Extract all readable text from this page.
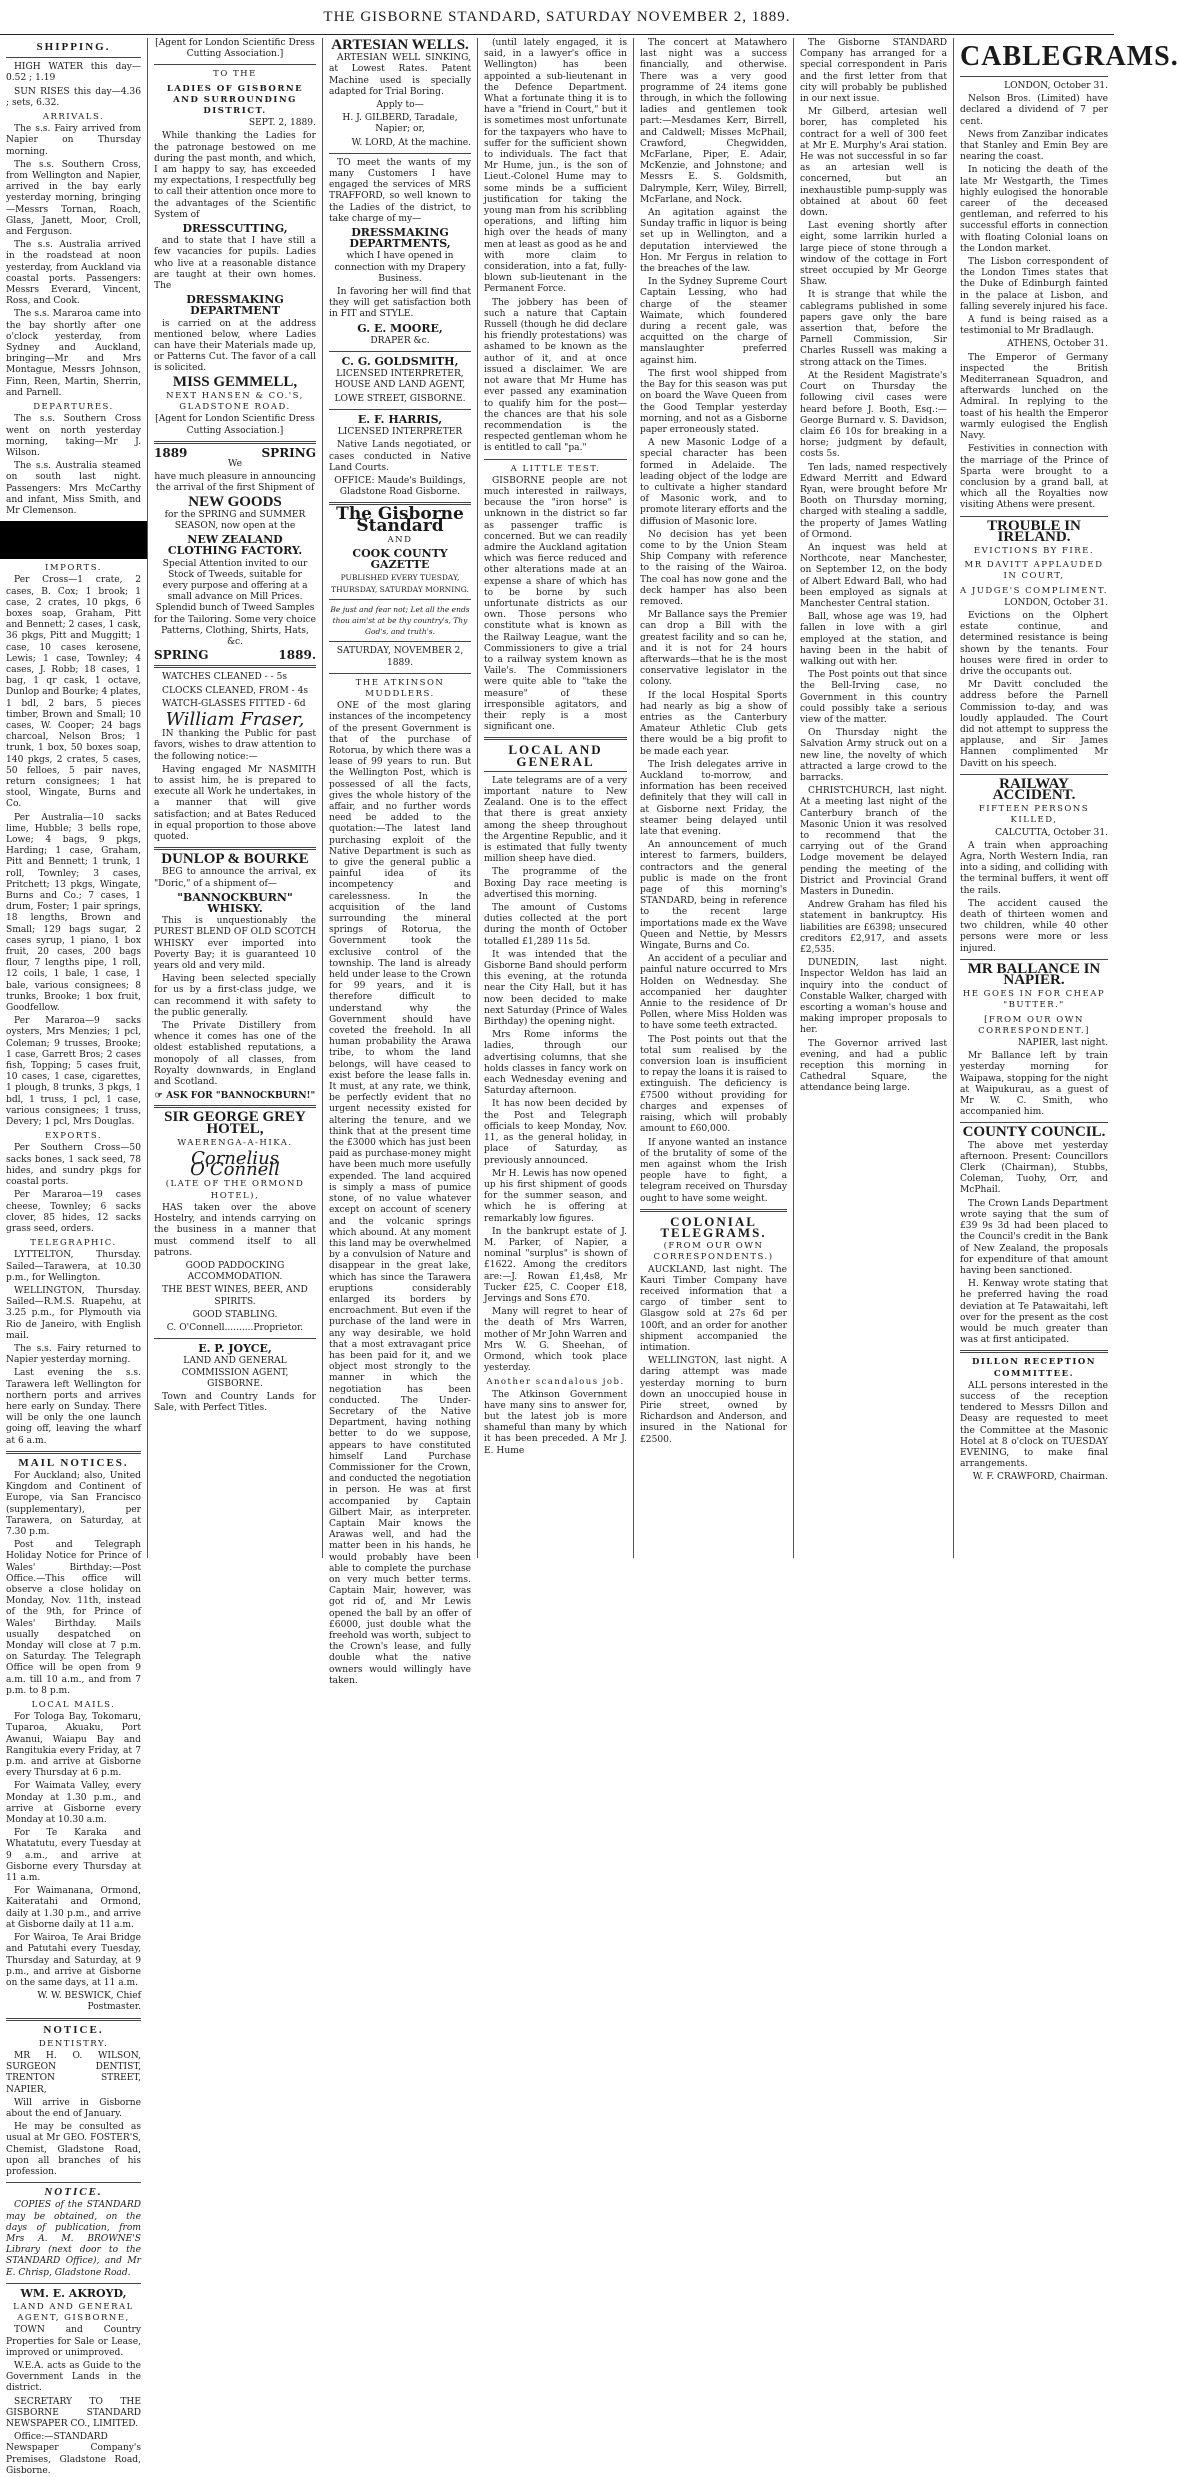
THE GISBORNE STANDARD, SATURDAY NOVEMBER 2, 1889.
SHIPPING.

HIGH WATER this day—0.52 ; 1.19

SUN RISES this day—4.36 ; sets, 6.32.

ARRIVALS.

The s.s. Fairy arrived from Napier on Thursday morning.

The s.s. Southern Cross, from Wellington and Napier, arrived in the bay early yesterday morning, bringing—Messrs Tornan, Roach, Glass, Janett, Moor, Croll, and Ferguson.

The s.s. Australia arrived in the roadstead at noon yesterday, from Auckland via coastal ports. Passengers: Messrs Everard, Vincent, Ross, and Cook.

The s.s. Mararoa came into the bay shortly after one o'clock yesterday, from Sydney and Auckland, bringing—Mr and Mrs Montague, Messrs Johnson, Finn, Reen, Martin, Sherrin, and Parnell.

DEPARTURES.

The s.s. Southern Cross went on north yesterday morning, taking—Mr J. Wilson.

The s.s. Australia steamed on south last night. Passengers: Mrs McCarthy and infant, Miss Smith, and Mr Clemenson.

IMPORTS.

Per Cross—1 crate, 2 cases, B. Cox; 1 brook; 1 case, 2 crates, 10 pkgs, 6 boxes soap, Graham, Pitt and Bennett; 2 cases, 1 cask, 36 pkgs, Pitt and Muggitt; 1 case, 10 cases kerosene, Lewis; 1 case, Townley; 4 cases, J. Robb; 18 cases, 1 bag, 1 qr cask, 1 octave, Dunlop and Bourke; 4 plates, 1 bdl, 2 bars, 5 pieces timber, Brown and Small; 10 cases, W. Cooper; 24 bags charcoal, Nelson Bros; 1 trunk, 1 box, 50 boxes soap, 140 pkgs, 2 crates, 5 cases, 50 felloes, 5 pair naves, return consignees; 1 hat stool, Wingate, Burns and Co.

Per Australia—10 sacks lime, Hubble; 3 bells rope, Lowe; 4 bags, 9 pkgs, Harding; 1 case, Graham, Pitt and Bennett; 1 trunk, 1 roll, Townley; 3 cases, Pritchett; 13 pkgs, Wingate, Burns and Co.; 7 cases, 1 drum, Foster; 1 pair springs, 18 lengths, Brown and Small; 129 bags sugar, 2 cases syrup, 1 piano, 1 box fruit, 20 cases, 200 bags flour, 7 lengths pipe, 1 roll, 12 coils, 1 bale, 1 case, 1 bale, various consignees; 8 trunks, Brooke; 1 box fruit, Goodfellow.

Per Mararoa—9 sacks oysters, Mrs Menzies; 1 pcl, Coleman; 9 trusses, Brooke; 1 case, Garrett Bros; 2 cases fish, Topping; 5 cases fruit, 10 cases, 1 case, cigarettes, 1 plough, 8 trunks, 3 pkgs, 1 bdl, 1 truss, 1 pcl, 1 case, various consignees; 1 truss, Devery; 1 pcl, Mrs Douglas.

EXPORTS.

Per Southern Cross—50 sacks bones, 1 sack seed, 78 hides, and sundry pkgs for coastal ports.

Per Mararoa—19 cases cheese, Townley; 6 sacks clover, 85 hides, 12 sacks grass seed, orders.

TELEGRAPHIC.

LYTTELTON, Thursday. Sailed—Tarawera, at 10.30 p.m., for Wellington.

WELLINGTON, Thursday. Sailed—R.M.S. Ruapehu, at 3.25 p.m., for Plymouth via Rio de Janeiro, with English mail.

The s.s. Fairy returned to Napier yesterday morning.

Last evening the s.s. Tarawera left Wellington for northern ports and arrives here early on Sunday. There will be only the one launch going off, leaving the wharf at 6 a.m.

MAIL NOTICES.

For Auckland; also, United Kingdom and Continent of Europe, via San Francisco (supplementary), per Tarawera, on Saturday, at 7.30 p.m.

Post and Telegraph Holiday Notice for Prince of Wales' Birthday:—Post Office.—This office will observe a close holiday on Monday, Nov. 11th, instead of the 9th, for Prince of Wales' Birthday. Mails usually despatched on Monday will close at 7 p.m. on Saturday. The Telegraph Office will be open from 9 a.m. till 10 a.m., and from 7 p.m. to 8 p.m.

LOCAL MAILS.

For Tologa Bay, Tokomaru, Tuparoa, Akuaku, Port Awanui, Waiapu Bay and Rangitukia every Friday, at 7 p.m. and arrive at Gisborne every Thursday at 6 p.m.

For Waimata Valley, every Monday at 1.30 p.m., and arrive at Gisborne every Monday at 10.30 a.m.

For Te Karaka and Whatatutu, every Tuesday at 9 a.m., and arrive at Gisborne every Thursday at 11 a.m.

For Waimanana, Ormond, Kaiteratahi and Ormond, daily at 1.30 p.m., and arrive at Gisborne daily at 11 a.m.

For Wairoa, Te Arai Bridge and Patutahi every Tuesday, Thursday and Saturday, at 9 p.m., and arrive at Gisborne on the same days, at 11 a.m.

W. W. BESWICK, Chief Postmaster.

NOTICE.
DENTISTRY.

MR H. O. WILSON, SURGEON DENTIST, TRENTON STREET, NAPIER,

Will arrive in Gisborne about the end of January.

He may be consulted as usual at Mr GEO. FOSTER'S, Chemist, Gladstone Road, upon all branches of his profession.

NOTICE.

COPIES of the STANDARD may be obtained, on the days of publication, from Mrs A. M. BROWNE'S Library (next door to the STANDARD Office), and Mr E. Chrisp, Gladstone Road.

WM. E. AKROYD,
LAND AND GENERAL AGENT, GISBORNE,

TOWN and Country Properties for Sale or Lease, improved or unimproved.

W.E.A. acts as Guide to the Government Lands in the district.

SECRETARY TO THE GISBORNE STANDARD NEWSPAPER CO., LIMITED.

Office:—STANDARD Newspaper Company's Premises, Gladstone Road, Gisborne.

[Agent for London Scientific Dress Cutting Association.]

TO THE
LADIES OF GISBORNE AND SURROUNDING DISTRICT.

SEPT. 2, 1889.

While thanking the Ladies for the patronage bestowed on me during the past month, and which, I am happy to say, has exceeded my expectations, I respectfully beg to call their attention once more to the advantages of the Scientific System of

DRESSCUTTING,

and to state that I have still a few vacancies for pupils. Ladies who live at a reasonable distance are taught at their own homes. The

DRESSMAKING DEPARTMENT

is carried on at the address mentioned below, where Ladies can have their Materials made up, or Patterns Cut. The favor of a call is solicited.

MISS GEMMELL,
NEXT HANSEN & CO.'S, GLADSTONE ROAD.

[Agent for London Scientific Dress Cutting Association.]

1889	SPRING

We

have much pleasure in announcing the arrival of the first Shipment of

NEW GOODS

for the SPRING and SUMMER SEASON, now open at the

NEW ZEALAND CLOTHING FACTORY.

Special Attention invited to our Stock of Tweeds, suitable for every purpose and offering at a small advance on Mill Prices. Splendid bunch of Tweed Samples for the Tailoring. Some very choice Patterns, Clothing, Shirts, Hats, &c.

SPRING	1889.

WATCHES CLEANED - - 5s

CLOCKS CLEANED, FROM - 4s

WATCH-GLASSES FITTED - 6d

William Fraser,

IN thanking the Public for past favors, wishes to draw attention to the following notice:—

Having engaged Mr NASMITH to assist him, he is prepared to execute all Work he undertakes, in a manner that will give satisfaction; and at Bates Reduced in equal proportion to those above quoted.

DUNLOP & BOURKE

BEG to announce the arrival, ex "Doric," of a shipment of—

"BANNOCKBURN" WHISKY.

This is unquestionably the PUREST BLEND OF OLD SCOTCH WHISKY ever imported into Poverty Bay; it is guaranteed 10 years old and very mild.

Having been selected specially for us by a first-class judge, we can recommend it with safety to the public generally.

The Private Distillery from whence it comes has one of the oldest established reputations, a monopoly of all classes, from Royalty downwards, in England and Scotland.

☞ ASK FOR "BANNOCKBURN!"

SIR GEORGE GREY HOTEL,
WAERENGA-A-HIKA.
Cornelius O'Connell
(LATE OF THE ORMOND HOTEL),

HAS taken over the above Hostelry, and intends carrying on the business in a manner that must commend itself to all patrons.

GOOD PADDOCKING ACCOMMODATION.

THE BEST WINES, BEER, AND SPIRITS.

GOOD STABLING.

C. O'Connell..........Proprietor.

E. P. JOYCE,

LAND AND GENERAL COMMISSION AGENT, GISBORNE.

Town and Country Lands for Sale, with Perfect Titles.

ARTESIAN WELLS.

ARTESIAN WELL SINKING, at Lowest Rates. Patent Machine used is specially adapted for Trial Boring.

Apply to—

H. J. GILBERD, Taradale, Napier; or,

W. LORD, At the machine.

TO meet the wants of my many Customers I have engaged the services of MRS TRAFFORD, so well known to the Ladies of the district, to take charge of my—

DRESSMAKING DEPARTMENTS,

which I have opened in connection with my Drapery Business.

In favoring her will find that they will get satisfaction both in FIT and STYLE.

G. E. MOORE,

DRAPER &c.

C. G. GOLDSMITH,

LICENSED INTERPRETER, HOUSE AND LAND AGENT,

LOWE STREET, GISBORNE.

E. F. HARRIS,

LICENSED INTERPRETER

Native Lands negotiated, or cases conducted in Native Land Courts.

OFFICE: Maude's Buildings, Gladstone Road Gisborne.

The Gisborne Standard
AND
COOK COUNTY GAZETTE

PUBLISHED EVERY TUESDAY, THURSDAY, SATURDAY MORNING.

Be just and fear not; Let all the ends thou aim'st at be thy country's, Thy God's, and truth's.

SATURDAY, NOVEMBER 2, 1889.

THE ATKINSON MUDDLERS.

ONE of the most glaring instances of the incompetency of the present Government is that of the purchase of Rotorua, by which there was a lease of 99 years to run. But the Wellington Post, which is possessed of all the facts, gives the whole history of the affair, and no further words need be added to the quotation:—The latest land purchasing exploit of the Native Department is such as to give the general public a painful idea of its incompetency and carelessness. In the acquisition of the land surrounding the mineral springs of Rotorua, the Government took the exclusive control of the township. The land is already held under lease to the Crown for 99 years, and it is therefore difficult to understand why the Government should have coveted the freehold. In all human probability the Arawa tribe, to whom the land belongs, will have ceased to exist before the lease falls in. It must, at any rate, we think, be perfectly evident that no urgent necessity existed for altering the tenure, and we think that at the present time the £3000 which has just been paid as purchase-money might have been much more usefully expended. The land acquired is simply a mass of pumice stone, of no value whatever except on account of scenery and the volcanic springs which abound. At any moment this land may be overwhelmed by a convulsion of Nature and disappear in the great lake, which has since the Tarawera eruptions considerably enlarged its borders by encroachment. But even if the purchase of the land were in any way desirable, we hold that a most extravagant price has been paid for it, and we object most strongly to the manner in which the negotiation has been conducted. The Under-Secretary of the Native Department, having nothing better to do we suppose, appears to have constituted himself Land Purchase Commissioner for the Crown, and conducted the negotiation in person. He was at first accompanied by Captain Gilbert Mair, as interpreter. Captain Mair knows the Arawas well, and had the matter been in his hands, he would probably have been able to complete the purchase on very much better terms. Captain Mair, however, was got rid of, and Mr Lewis opened the ball by an offer of £6000, just double what the freehold was worth, subject to the Crown's lease, and fully double what the native owners would willingly have taken.

(until lately engaged, it is said, in a lawyer's office in Wellington) has been appointed a sub-lieutenant in the Defence Department. What a fortunate thing it is to have a "friend in Court," but it is sometimes most unfortunate for the taxpayers who have to suffer for the sufficient shown to individuals. The fact that Mr Hume, jun., is the son of Lieut.-Colonel Hume may to some minds be a sufficient justification for taking the young man from his scribbling operations, and lifting him high over the heads of many men at least as good as he and with more claim to consideration, into a fat, fully-blown sub-lieutenant in the Permanent Force.

The jobbery has been of such a nature that Captain Russell (though he did declare his friendly protestations) was ashamed to be known as the author of it, and at once issued a disclaimer. We are not aware that Mr Hume has ever passed any examination to qualify him for the post—the chances are that his sole recommendation is the respected gentleman whom he is entitled to call "pa."

A LITTLE TEST.

GISBORNE people are not much interested in railways, because the "iron horse" is unknown in the district so far as passenger traffic is concerned. But we can readily admire the Auckland agitation which was fierce reduced and other alterations made at an expense a share of which has to be borne by such unfortunate districts as our own. Those persons who constitute what is known as the Railway League, want the Commissioners to give a trial to a railway system known as Vaile's. The Commissioners were quite able to "take the measure" of these irresponsible agitators, and their reply is a most significant one.

LOCAL AND GENERAL

Late telegrams are of a very important nature to New Zealand. One is to the effect that there is great anxiety among the sheep throughout the Argentine Republic, and it is estimated that fully twenty million sheep have died.

The programme of the Boxing Day race meeting is advertised this morning.

The amount of Customs duties collected at the port during the month of October totalled £1,289 11s 5d.

It was intended that the Gisborne Band should perform this evening, at the rotunda near the City Hall, but it has now been decided to make next Saturday (Prince of Wales Birthday) the opening night.

Mrs Rome informs the ladies, through our advertising columns, that she holds classes in fancy work on each Wednesday evening and Saturday afternoon.

It has now been decided by the Post and Telegraph officials to keep Monday, Nov. 11, as the general holiday, in place of Saturday, as previously announced.

Mr H. Lewis has now opened up his first shipment of goods for the summer season, and which he is offering at remarkably low figures.

In the bankrupt estate of J. M. Parker, of Napier, a nominal "surplus" is shown of £1622. Among the creditors are:—J. Rowan £1,4s8, Mr Tucker £25, C. Cooper £18, Jervings and Sons £70.

Many will regret to hear of the death of Mrs Warren, mother of Mr John Warren and Mrs W. G. Sheehan, of Ormond, which took place yesterday.

Another scandalous job.

The Atkinson Government have many sins to answer for, but the latest job is more shameful than many by which it has been preceded. A Mr J. E. Hume

The concert at Matawhero last night was a success financially, and otherwise. There was a very good programme of 24 items gone through, in which the following ladies and gentlemen took part:—Mesdames Kerr, Birrell, and Caldwell; Misses McPhail, Crawford, Chegwidden, McFarlane, Piper, E. Adair, McKenzie, and Johnstone; and Messrs E. S. Goldsmith, Dalrymple, Kerr, Wiley, Birrell, McFarlane, and Nock.

An agitation against the Sunday traffic in liquor is being set up in Wellington, and a deputation interviewed the Hon. Mr Fergus in relation to the breaches of the law.

In the Sydney Supreme Court Captain Lessing, who had charge of the steamer Waimate, which foundered during a recent gale, was acquitted on the charge of manslaughter preferred against him.

The first wool shipped from the Bay for this season was put on board the Wave Queen from the Good Templar yesterday morning, and not as a Gisborne paper erroneously stated.

A new Masonic Lodge of a special character has been formed in Adelaide. The leading object of the lodge are to cultivate a higher standard of Masonic work, and to promote literary efforts and the diffusion of Masonic lore.

No decision has yet been come to by the Union Steam Ship Company with reference to the raising of the Wairoa. The coal has now gone and the deck hamper has also been removed.

Mr Ballance says the Premier can drop a Bill with the greatest facility and so can he, and it is not for 24 hours afterwards—that he is the most conservative legislator in the colony.

If the local Hospital Sports had nearly as big a show of entries as the Canterbury Amateur Athletic Club gets there would be a big profit to be made each year.

The Irish delegates arrive in Auckland to-morrow, and information has been received definitely that they will call in at Gisborne next Friday, the steamer being delayed until late that evening.

An announcement of much interest to farmers, builders, contractors and the general public is made on the front page of this morning's STANDARD, being in reference to the recent large importations made ex the Wave Queen and Nettie, by Messrs Wingate, Burns and Co.

An accident of a peculiar and painful nature occurred to Mrs Holden on Wednesday. She accompanied her daughter Annie to the residence of Dr Pollen, where Miss Holden was to have some teeth extracted.

The Post points out that the total sum realised by the conversion loan is insufficient to repay the loans it is raised to extinguish. The deficiency is £7500 without providing for charges and expenses of raising, which will probably amount to £60,000.

If anyone wanted an instance of the brutality of some of the men against whom the Irish people have to fight, a telegram received on Thursday ought to have some weight.

COLONIAL TELEGRAMS.
(FROM OUR OWN CORRESPONDENTS.)

AUCKLAND, last night. The Kauri Timber Company have received information that a cargo of timber sent to Glasgow sold at 27s 6d per 100ft, and an order for another shipment accompanied the intimation.

WELLINGTON, last night. A daring attempt was made yesterday morning to burn down an unoccupied house in Pirie street, owned by Richardson and Anderson, and insured in the National for £2500.

The Gisborne STANDARD Company has arranged for a special correspondent in Paris and the first letter from that city will probably be published in our next issue.

Mr Gilberd, artesian well borer, has completed his contract for a well of 300 feet at Mr E. Murphy's Arai station. He was not successful in so far as an artesian well is concerned, but an inexhaustible pump-supply was obtained at about 60 feet down.

Last evening shortly after eight, some larrikin hurled a large piece of stone through a window of the cottage in Fort street occupied by Mr George Shaw.

It is strange that while the cablegrams published in some papers gave only the bare assertion that, before the Parnell Commission, Sir Charles Russell was making a strong attack on the Times.

At the Resident Magistrate's Court on Thursday the following civil cases were heard before J. Booth, Esq.:—George Burnard v. S. Davidson, claim £6 10s for breaking in a horse; judgment by default, costs 5s.

Ten lads, named respectively Edward Merritt and Edward Ryan, were brought before Mr Booth on Thursday morning, charged with stealing a saddle, the property of James Watling of Ormond.

An inquest was held at Northcote, near Manchester, on September 12, on the body of Albert Edward Ball, who had been employed as signals at Manchester Central station.

Ball, whose age was 19, had fallen in love with a girl employed at the station, and having been in the habit of walking out with her.

The Post points out that since the Bell-Irving case, no Government in this country could possibly take a serious view of the matter.

On Thursday night the Salvation Army struck out on a new line, the novelty of which attracted a large crowd to the barracks.

CHRISTCHURCH, last night. At a meeting last night of the Canterbury branch of the Masonic Union it was resolved to recommend that the carrying out of the Grand Lodge movement be delayed pending the meeting of the District and Provincial Grand Masters in Dunedin.

Andrew Graham has filed his statement in bankruptcy. His liabilities are £6398; unsecured creditors £2,917, and assets £2,535.

DUNEDIN, last night. Inspector Weldon has laid an inquiry into the conduct of Constable Walker, charged with escorting a woman's house and making improper proposals to her.

The Governor arrived last evening, and had a public reception this morning in Cathedral Square, the attendance being large.

CABLEGRAMS.

LONDON, October 31.

Nelson Bros. (Limited) have declared a dividend of 7 per cent.

News from Zanzibar indicates that Stanley and Emin Bey are nearing the coast.

In noticing the death of the late Mr Westgarth, the Times highly eulogised the honorable career of the deceased gentleman, and referred to his successful efforts in connection with floating Colonial loans on the London market.

The Lisbon correspondent of the London Times states that the Duke of Edinburgh fainted in the palace at Lisbon, and falling severely injured his face.

A fund is being raised as a testimonial to Mr Bradlaugh.

ATHENS, October 31.

The Emperor of Germany inspected the British Mediterranean Squadron, and afterwards lunched on the Admiral. In replying to the toast of his health the Emperor warmly eulogised the English Navy.

Festivities in connection with the marriage of the Prince of Sparta were brought to a conclusion by a grand ball, at which all the Royalties now visiting Athens were present.

TROUBLE IN IRELAND.
EVICTIONS BY FIRE.
MR DAVITT APPLAUDED IN COURT,
A JUDGE'S COMPLIMENT.

LONDON, October 31.

Evictions on the Olphert estate continue, and determined resistance is being shown by the tenants. Four houses were fired in order to drive the occupants out.

Mr Davitt concluded the address before the Parnell Commission to-day, and was loudly applauded. The Court did not attempt to suppress the applause, and Sir James Hannen complimented Mr Davitt on his speech.

RAILWAY ACCIDENT.
FIFTEEN PERSONS KILLED,

CALCUTTA, October 31.

A train when approaching Agra, North Western India, ran into a siding, and colliding with the terminal buffers, it went off the rails.

The accident caused the death of thirteen women and two children, while 40 other persons were more or less injured.

MR BALLANCE IN NAPIER.
HE GOES IN FOR CHEAP "BUTTER."
[FROM OUR OWN CORRESPONDENT.]

NAPIER, last night.

Mr Ballance left by train yesterday morning for Waipawa, stopping for the night at Waipukurau, as a guest of Mr W. C. Smith, who accompanied him.

COUNTY COUNCIL.

The above met yesterday afternoon. Present: Councillors Clerk (Chairman), Stubbs, Coleman, Tuohy, Orr, and McPhail.

The Crown Lands Department wrote saying that the sum of £39 9s 3d had been placed to the Council's credit in the Bank of New Zealand, the proposals for expenditure of that amount having been sanctioned.

H. Kenway wrote stating that he preferred having the road deviation at Te Patawaitahi, left over for the present as the cost would be much greater than was at first anticipated.

DILLON RECEPTION COMMITTEE.

ALL persons interested in the success of the reception tendered to Messrs Dillon and Deasy are requested to meet the Committee at the Masonic Hotel at 8 o'clock on TUESDAY EVENING, to make final arrangements.

W. F. CRAWFORD, Chairman.
